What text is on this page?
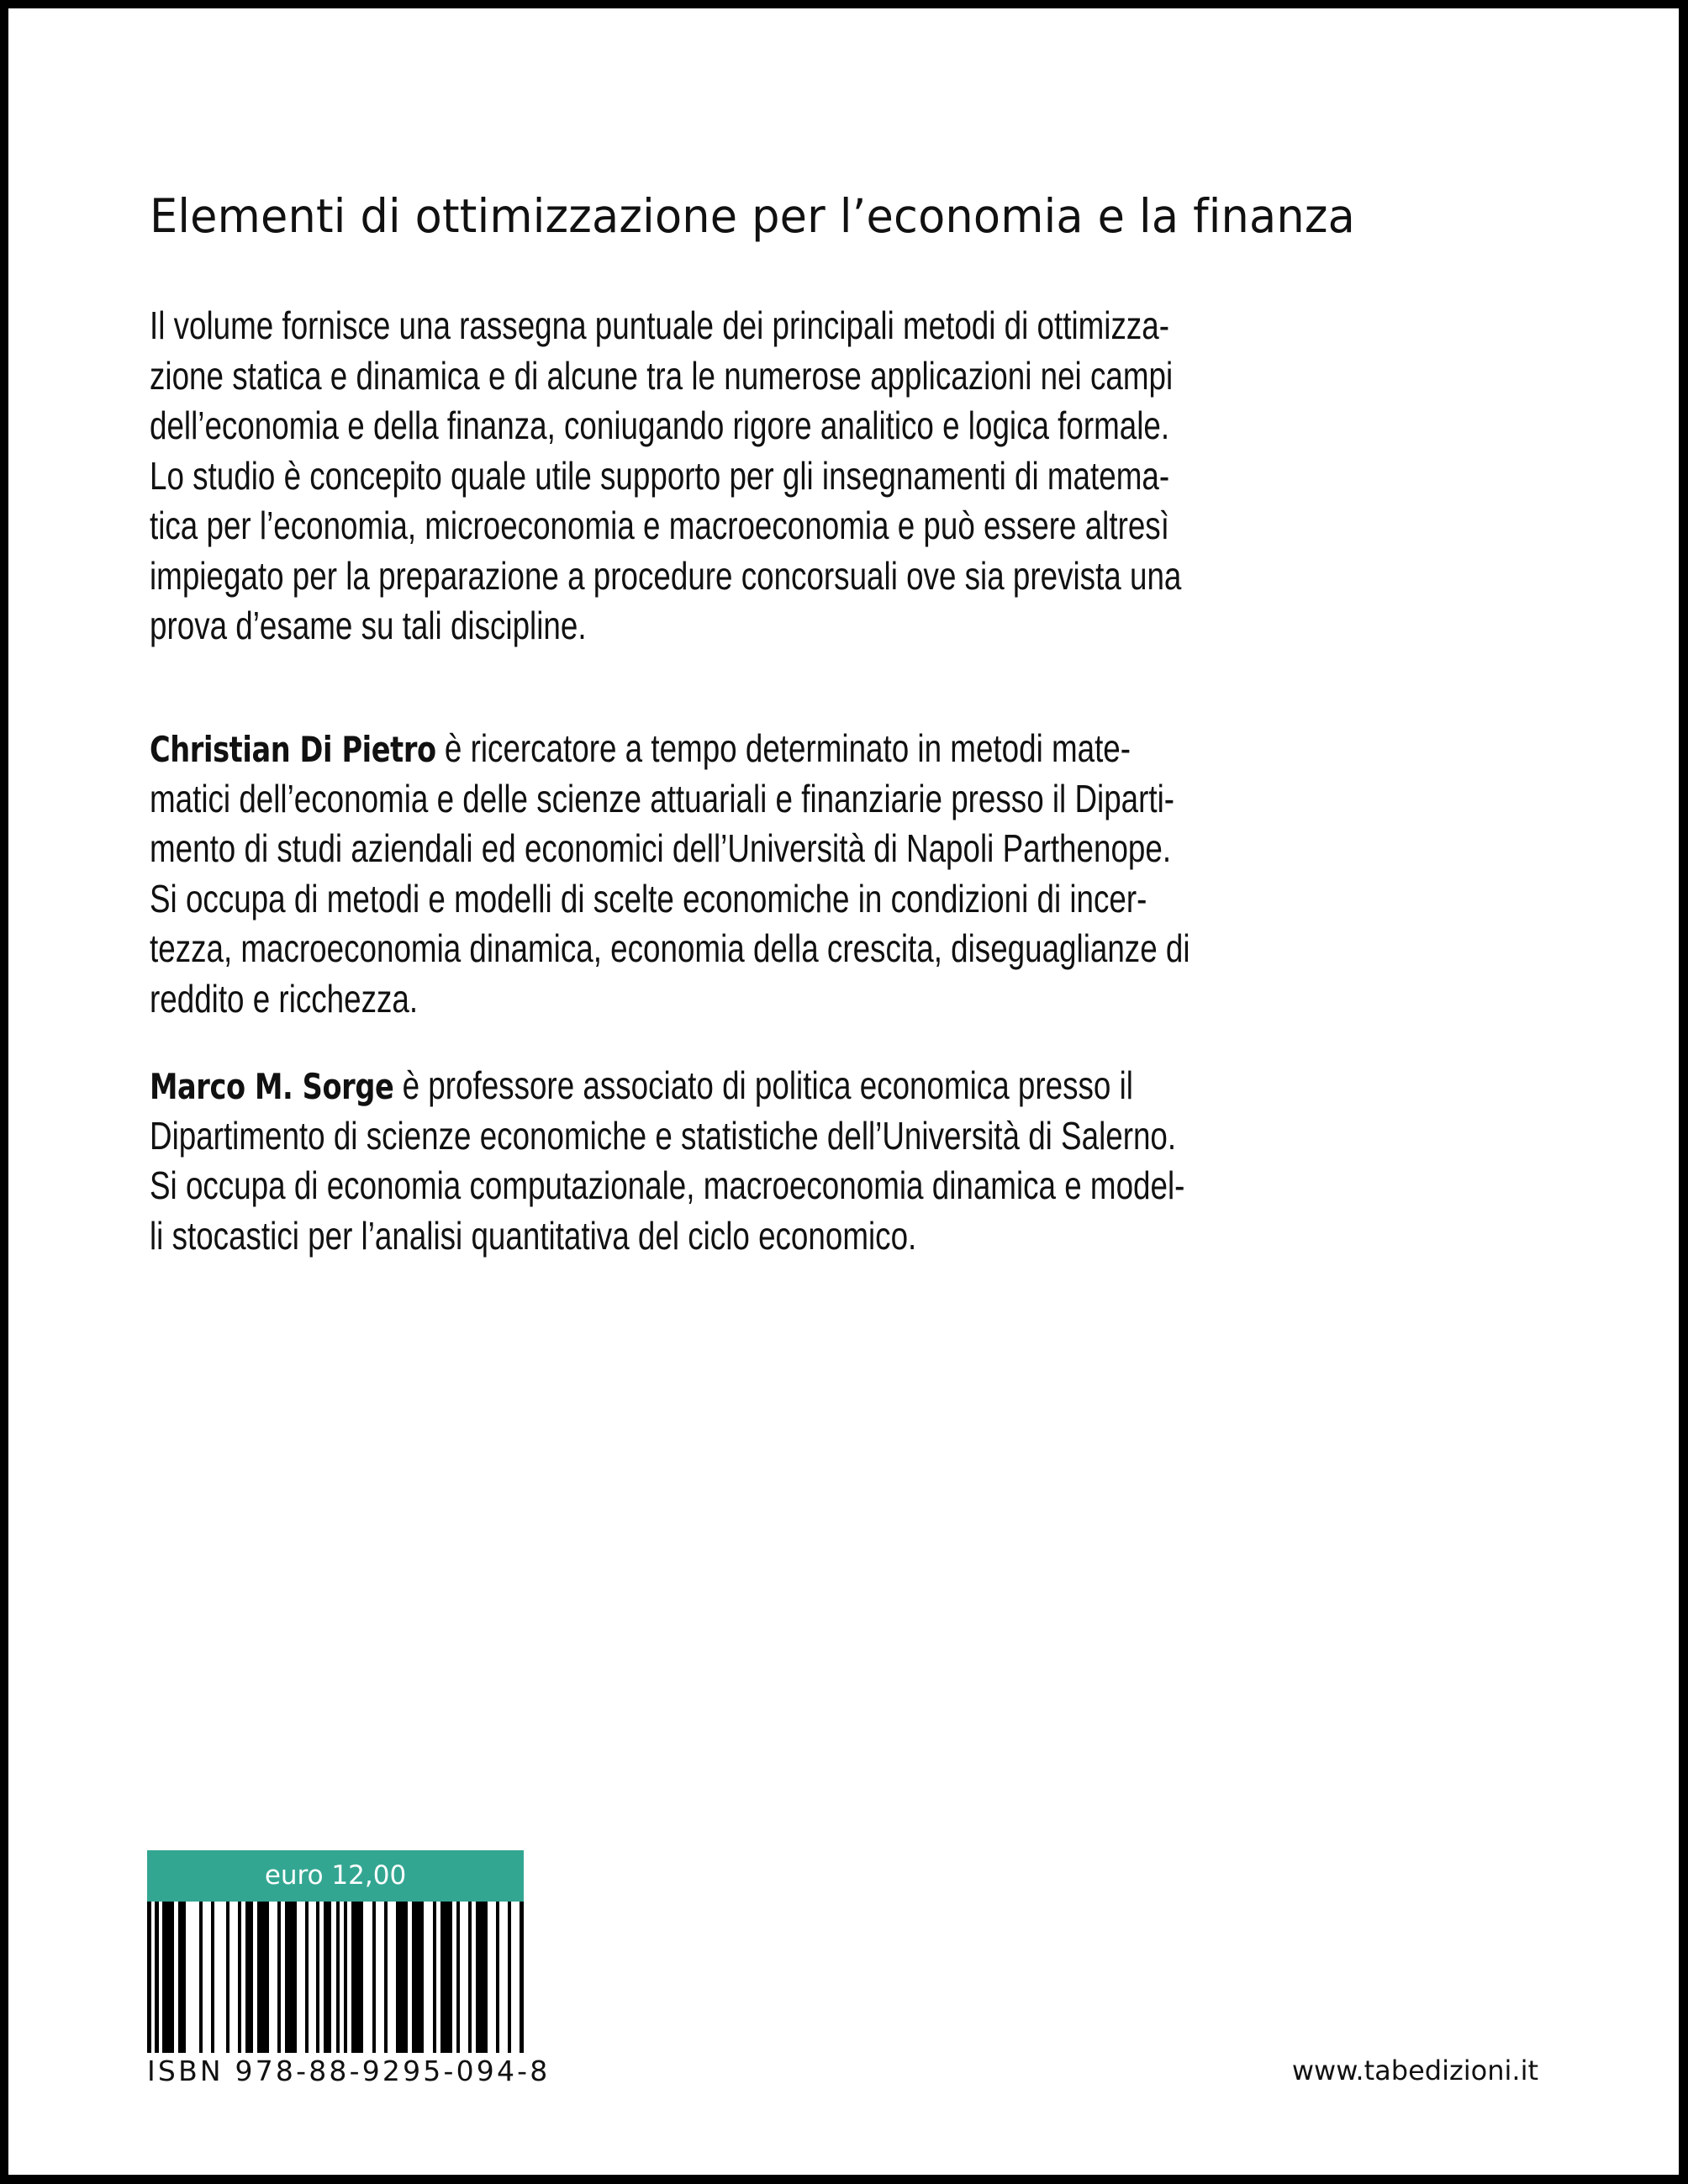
Elementi di ottimizzazione per l’economia e la finanza
Il volume fornisce una rassegna puntuale dei principali metodi di ottimizza-
zione statica e dinamica e di alcune tra le numerose applicazioni nei campi
dell’economia e della finanza, coniugando rigore analitico e logica formale.
Lo studio è concepito quale utile supporto per gli insegnamenti di matema-
tica per l’economia, microeconomia e macroeconomia e può essere altresì
impiegato per la preparazione a procedure concorsuali ove sia prevista una
prova d’esame su tali discipline.
Christian Di Pietro è ricercatore a tempo determinato in metodi mate-
matici dell’economia e delle scienze attuariali e finanziarie presso il Diparti-
mento di studi aziendali ed economici dell’Università di Napoli Parthenope.
Si occupa di metodi e modelli di scelte economiche in condizioni di incer-
tezza, macroeconomia dinamica, economia della crescita, diseguaglianze di
reddito e ricchezza.
Marco M. Sorge è professore associato di politica economica presso il
Dipartimento di scienze economiche e statistiche dell’Università di Salerno.
Si occupa di economia computazionale, macroeconomia dinamica e model-
li stocastici per l’analisi quantitativa del ciclo economico.
euro 12,00
ISBN 978-88-9295-094-8	www.tabedizioni.it
